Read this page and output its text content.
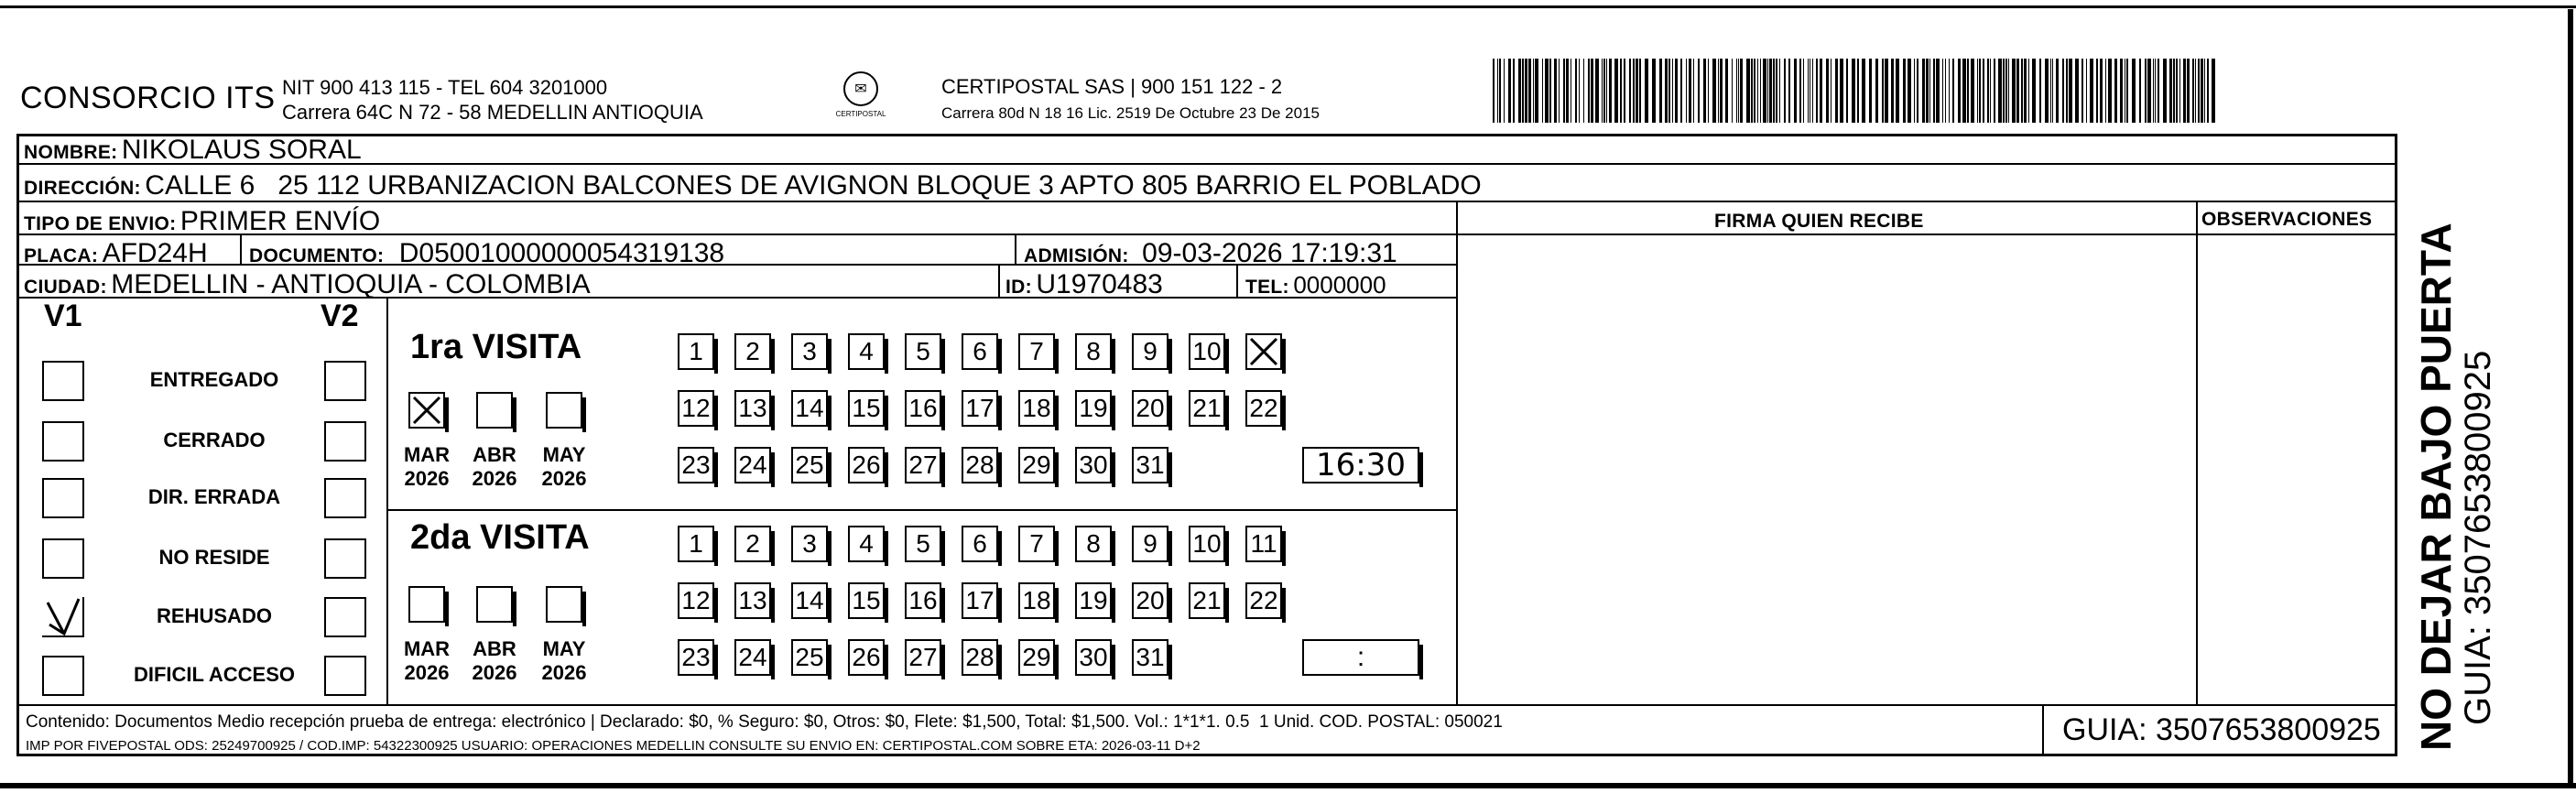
CONSORCIO ITS NIT 900 413 115 - TEL 604 3201000
Carrera 64C N 72 - 58 MEDELLIN ANTIOQUIA
✉
CERTIPOSTAL
CERTIPOSTAL SAS | 900 151 122 - 2
Carrera 80d N 18 16 Lic. 2519 De Octubre 23 De 2015
NOMBRE: NIKOLAUS SORAL
DIRECCIÓN: CALLE 6   25 112 URBANIZACION BALCONES DE AVIGNON BLOQUE 3 APTO 805 BARRIO EL POBLADO
TIPO DE ENVIO: PRIMER ENVÍO	FIRMA QUIEN RECIBE	OBSERVACIONES
PLACA: AFD24H DOCUMENTO: D05001000000054319138	ADMISIÓN: 09-03-2026 17:19:31
CIUDAD: MEDELLIN - ANTIOQUIA - COLOMBIA	ID: U1970483	TEL: 0000000
V1	V2
ENTREGADO
CERRADO
DIR. ERRADA
NO RESIDE
REHUSADO
DIFICIL ACCESO
1ra VISITA
2da VISITA
1	2	3	4	5	6	7	8	9	10
12 13 14 15 16 17 18 19 20 21 22
23 24 25 26 27 28 29 30 31	16:30
1	2	3	4	5	6	7	8	9	10 11
12 13 14 15 16 17 18 19 20 21 22
23 24 25 26 27 28 29 30 31	:
MAR
2026
ABR
2026
MAY
2026
MAR
2026
ABR
2026
MAY
2026
Contenido: Documentos Medio recepción prueba de entrega: electrónico | Declarado: $0, % Seguro: $0, Otros: $0, Flete: $1,500, Total: $1,500. Vol.: 1*1*1. 0.5  1 Unid. COD. POSTAL: 050021
IMP POR FIVEPOSTAL ODS: 25249700925 / COD.IMP: 54322300925 USUARIO: OPERACIONES MEDELLIN CONSULTE SU ENVIO EN: CERTIPOSTAL.COM SOBRE ETA: 2026-03-11 D+2	GUIA: 3507653800925 NO DEJAR BAJO PUERTA
GUIA: 3507653800925
